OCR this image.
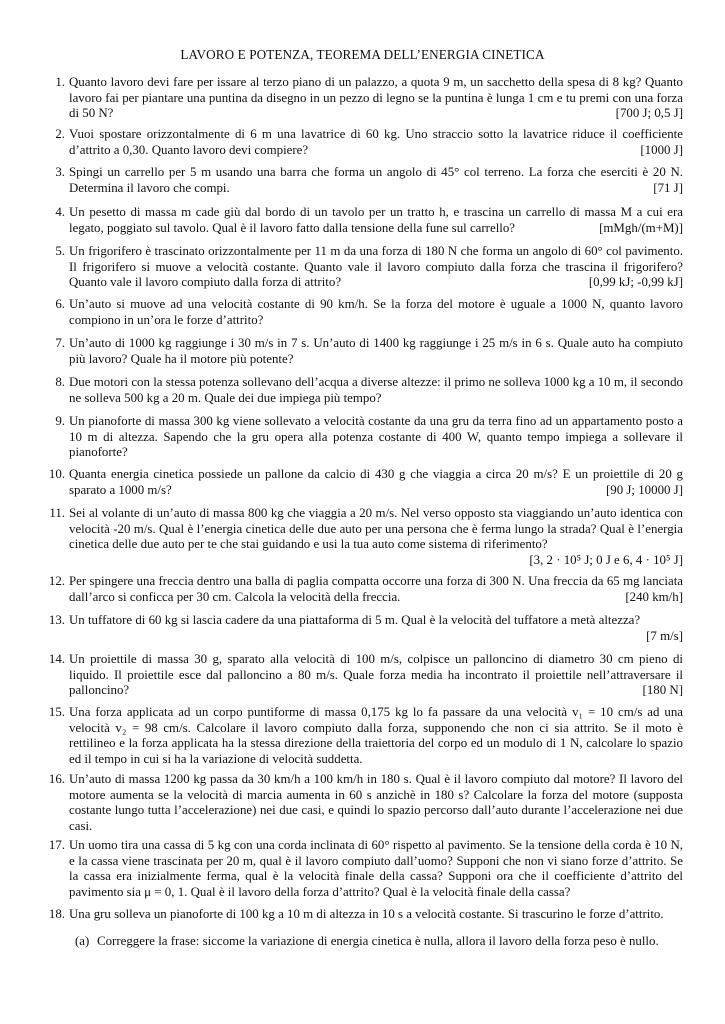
LAVORO E POTENZA, TEOREMA DELL’ENERGIA CINETICA
1. Quanto lavoro devi fare per issare al terzo piano di un palazzo, a quota 9 m, un sacchetto della spesa di 8 kg? Quanto lavoro fai per piantare una puntina da disegno in un pezzo di legno se la puntina è lunga 1 cm e tu premi con una forza di 50 N?	[700 J; 0,5 J]
2. Vuoi spostare orizzontalmente di 6 m una lavatrice di 60 kg. Uno straccio sotto la lavatrice riduce il coefficiente d’attrito a 0,30. Quanto lavoro devi compiere?	[1000 J]
3. Spingi un carrello per 5 m usando una barra che forma un angolo di 45° col terreno. La forza che eserciti è 20 N. Determina il lavoro che compi.	[71 J]
4. Un pesetto di massa m cade giù dal bordo di un tavolo per un tratto h, e trascina un carrello di massa M a cui era legato, poggiato sul tavolo. Qual è il lavoro fatto dalla tensione della fune sul carrello?	[mMgh/(m+M)]
5. Un frigorifero è trascinato orizzontalmente per 11 m da una forza di 180 N che forma un angolo di 60° col pavimento. Il frigorifero si muove a velocità costante. Quanto vale il lavoro compiuto dalla forza che trascina il frigorifero? Quanto vale il lavoro compiuto dalla forza di attrito?	[0,99 kJ; -0,99 kJ]
6. Un’auto si muove ad una velocità costante di 90 km/h. Se la forza del motore è uguale a 1000 N, quanto lavoro compiono in un’ora le forze d’attrito?
7. Un’auto di 1000 kg raggiunge i 30 m/s in 7 s. Un’auto di 1400 kg raggiunge i 25 m/s in 6 s. Quale auto ha compiuto più lavoro? Quale ha il motore più potente?
8. Due motori con la stessa potenza sollevano dell’acqua a diverse altezze: il primo ne solleva 1000 kg a 10 m, il secondo ne solleva 500 kg a 20 m. Quale dei due impiega più tempo?
9. Un pianoforte di massa 300 kg viene sollevato a velocità costante da una gru da terra fino ad un appartamento posto a 10 m di altezza. Sapendo che la gru opera alla potenza costante di 400 W, quanto tempo impiega a sollevare il pianoforte?
10. Quanta energia cinetica possiede un pallone da calcio di 430 g che viaggia a circa 20 m/s? E un proiettile di 20 g sparato a 1000 m/s?	[90 J; 10000 J]
11. Sei al volante di un’auto di massa 800 kg che viaggia a 20 m/s. Nel verso opposto sta viaggiando un’auto identica con velocità -20 m/s. Qual è l’energia cinetica delle due auto per una persona che è ferma lungo la strada? Qual è l’energia cinetica delle due auto per te che stai guidando e usi la tua auto come sistema di riferimento?
[3, 2 · 10⁵ J; 0 J e 6, 4 · 10⁵ J]
12. Per spingere una freccia dentro una balla di paglia compatta occorre una forza di 300 N. Una freccia da 65 mg lanciata dall’arco si conficca per 30 cm. Calcola la velocità della freccia.	[240 km/h]
13. Un tuffatore di 60 kg si lascia cadere da una piattaforma di 5 m. Qual è la velocità del tuffatore a metà altezza?
[7 m/s]
14. Un proiettile di massa 30 g, sparato alla velocità di 100 m/s, colpisce un palloncino di diametro 30 cm pieno di liquido. Il proiettile esce dal palloncino a 80 m/s. Quale forza media ha incontrato il proiettile nell’attraversare il palloncino?	[180 N]
15. Una forza applicata ad un corpo puntiforme di massa 0,175 kg lo fa passare da una velocità v₁ = 10 cm/s ad una velocità v₂ = 98 cm/s. Calcolare il lavoro compiuto dalla forza, supponendo che non ci sia attrito. Se il moto è rettilineo e la forza applicata ha la stessa direzione della traiettoria del corpo ed un modulo di 1 N, calcolare lo spazio ed il tempo in cui si ha la variazione di velocità suddetta.
16. Un’auto di massa 1200 kg passa da 30 km/h a 100 km/h in 180 s. Qual è il lavoro compiuto dal motore? Il lavoro del motore aumenta se la velocità di marcia aumenta in 60 s anzichè in 180 s? Calcolare la forza del motore (supposta costante lungo tutta l’accelerazione) nei due casi, e quindi lo spazio percorso dall’auto durante l’accelerazione nei due casi.
17. Un uomo tira una cassa di 5 kg con una corda inclinata di 60° rispetto al pavimento. Se la tensione della corda è 10 N, e la cassa viene trascinata per 20 m, qual è il lavoro compiuto dall’uomo? Supponi che non vi siano forze d’attrito. Se la cassa era inizialmente ferma, qual è la velocità finale della cassa? Supponi ora che il coefficiente d’attrito del pavimento sia μ = 0, 1. Qual è il lavoro della forza d’attrito? Qual è la velocità finale della cassa?
18. Una gru solleva un pianoforte di 100 kg a 10 m di altezza in 10 s a velocità costante. Si trascurino le forze d’attrito.
(a) Correggere la frase: siccome la variazione di energia cinetica è nulla, allora il lavoro della forza peso è nullo.
